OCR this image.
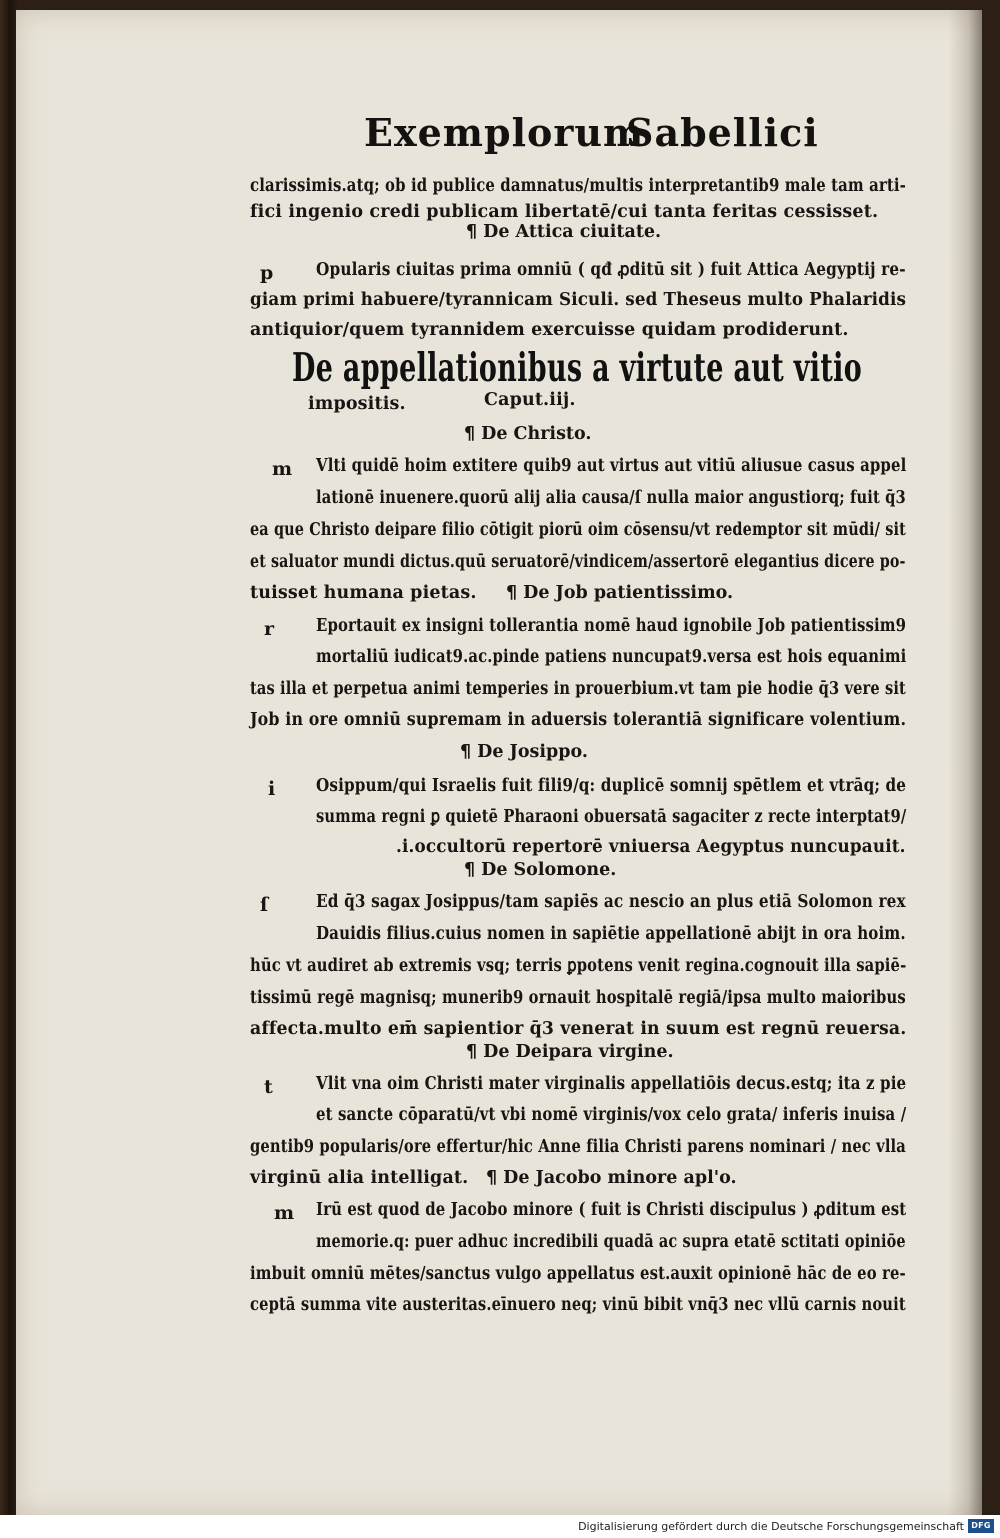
Exemplorum
Sabellici
clarissimis.atq; ob id publice damnatus/multis interpretantib9 male tam arti-
fici ingenio credi publicam libertatē/cui tanta feritas cessisset.
¶ De Attica ciuitate.
p Opularis ciuitas prima omniū ( qđ ꝓditū sit ) fuit Attica Aegyptij re-
giam primi habuere/tyrannicam Siculi. sed Theseus multo Phalaridis
antiquior/quem tyrannidem exercuisse quidam prodiderunt.
De appellationibus a virtute aut vitio
impositis.	Caput.iij.
¶ De Christo.
m Vlti quidē hoim extitere quib9 aut virtus aut vitiū aliusue casus appel
lationē inuenere.quorū alij alia causa/ſ nulla maior angustiorq; fuit q̄3
ea que Christo deipare filio cōtigit piorū oim cōsensu/vt redemptor sit mūdi/ sit
et saluator mundi dictus.quū seruatorē/vindicem/assertorē elegantius dicere po-
tuisset humana pietas. ¶ De Job patientissimo.
r Eportauit ex insigni tollerantia nomē haud ignobile Job patientissim9
mortaliū iudicat9.ac.pinde patiens nuncupat9.versa est hois equanimi
tas illa et perpetua animi temperies in prouerbium.vt tam pie hodie q̄3 vere sit
Job in ore omniū supremam in aduersis tolerantiā significare volentium.
¶ De Josippo.
i Osippum/qui Israelis fuit fili9/q: duplicē somnij spētlem et vtrāq; de
summa regni ꝑ quietē Pharaoni obuersatā sagaciter z recte interptat9/
.i.occultorū repertorē vniuersa Aegyptus nuncupauit.
¶ De Solomone.
ſ	Ed q̄3 sagax Josippus/tam sapiēs ac nescio an plus etiā Solomon rex
Dauidis filius.cuius nomen in sapiētie appellationē abijt in ora hoim.
hūc vt audiret ab extremis vsq; terris ꝑpotens venit regina.cognouit illa sapiē-
tissimū regē magnisq; munerib9 ornauit hospitalē regiā/ipsa multo maioribus
affecta.multo em̄ sapientior q̄3 venerat in suum est regnū reuersa.
¶ De Deipara virgine.
t Vlit vna oim Christi mater virginalis appellatiōis decus.estq; ita z pie
et sancte cōparatū/vt vbi nomē virginis/vox celo grata/ inferis inuisa /
gentib9 popularis/ore effertur/hic Anne filia Christi parens nominari / nec vlla
virginū alia intelligat. ¶ De Jacobo minore apl'o.
m Irū est quod de Jacobo minore ( fuit is Christi discipulus ) ꝓditum est
memorie.q: puer adhuc incredibili quadā ac supra etatē sctitati opiniōe
imbuit omniū mētes/sanctus vulgo appellatus est.auxit opinionē hāc de eo re-
ceptā summa vite austeritas.eīnuero neq; vinū bibit vnq̄3 nec vllū carnis nouit
Digitalisierung gefördert durch die Deutsche Forschungsgemeinschaft DFG
